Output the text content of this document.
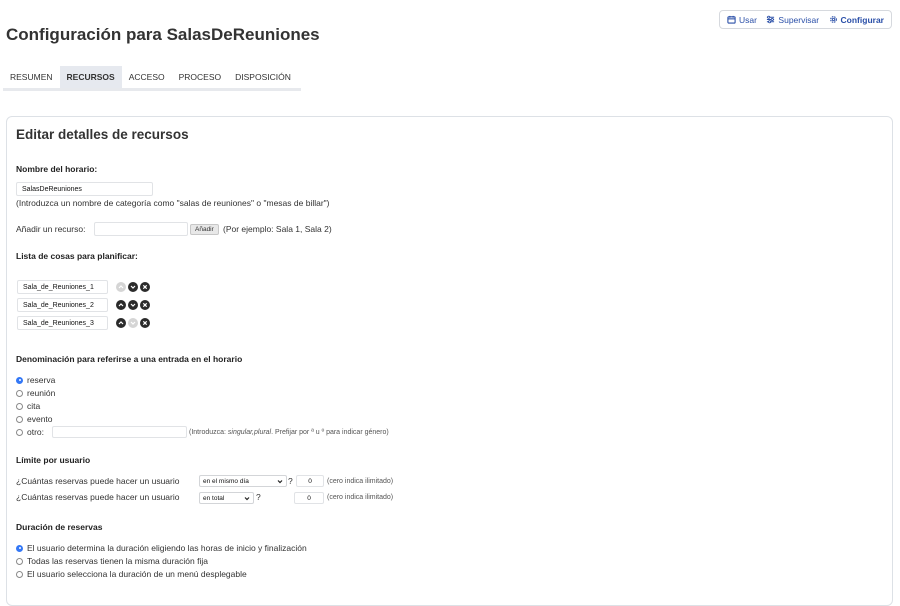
Usar	Supervisar	Configurar
Configuración para SalasDeReuniones
RESUMEN	RECURSOS	ACCESO	PROCESO	DISPOSICIÓN
Editar detalles de recursos
Nombre del horario:
SalasDeReuniones
(Introduzca un nombre de categoría como "salas de reuniones" o "mesas de billar")
Añadir un recurso:	Añadir	(Por ejemplo: Sala 1, Sala 2)
Lista de cosas para planificar:
Sala_de_Reuniones_1
Sala_de_Reuniones_2
Sala_de_Reuniones_3
Denominación para referirse a una entrada en el horario
reserva
reunión
cita
evento
otro:	(Introduzca: singular,plural. Prefijar por ª u º para indicar género)
Límite por usuario
¿Cuántas reservas puede hacer un usuario	en el mismo día	?	0	(cero indica ilimitado)
¿Cuántas reservas puede hacer un usuario	en total	?	0	(cero indica ilimitado)
Duración de reservas
El usuario determina la duración eligiendo las horas de inicio y finalización
Todas las reservas tienen la misma duración fija
El usuario selecciona la duración de un menú desplegable
